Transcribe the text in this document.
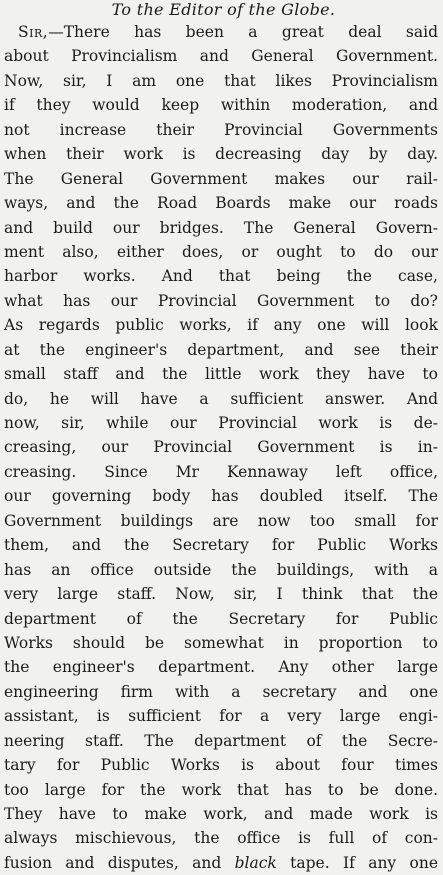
To the Editor of the Globe.
Sir,—There has been a great deal said
about Provincialism and General Government.
Now, sir, I am one that likes Provincialism
if they would keep within moderation, and
not increase their Provincial Governments
when their work is decreasing day by day.
The General Government makes our rail-
ways, and the Road Boards make our roads
and build our bridges. The General Govern-
ment also, either does, or ought to do our
harbor works. And that being the case,
what has our Provincial Government to do?
As regards public works, if any one will look
at the engineer's department, and see their
small staff and the little work they have to
do, he will have a sufficient answer. And
now, sir, while our Provincial work is de-
creasing, our Provincial Government is in-
creasing. Since Mr Kennaway left office,
our governing body has doubled itself. The
Government buildings are now too small for
them, and the Secretary for Public Works
has an office outside the buildings, with a
very large staff. Now, sir, I think that the
department of the Secretary for Public
Works should be somewhat in proportion to
the engineer's department. Any other large
engineering firm with a secretary and one
assistant, is sufficient for a very large engi-
neering staff. The department of the Secre-
tary for Public Works is about four times
too large for the work that has to be done.
They have to make work, and made work is
always mischievous, the office is full of con-
fusion and disputes, and black tape. If any one
